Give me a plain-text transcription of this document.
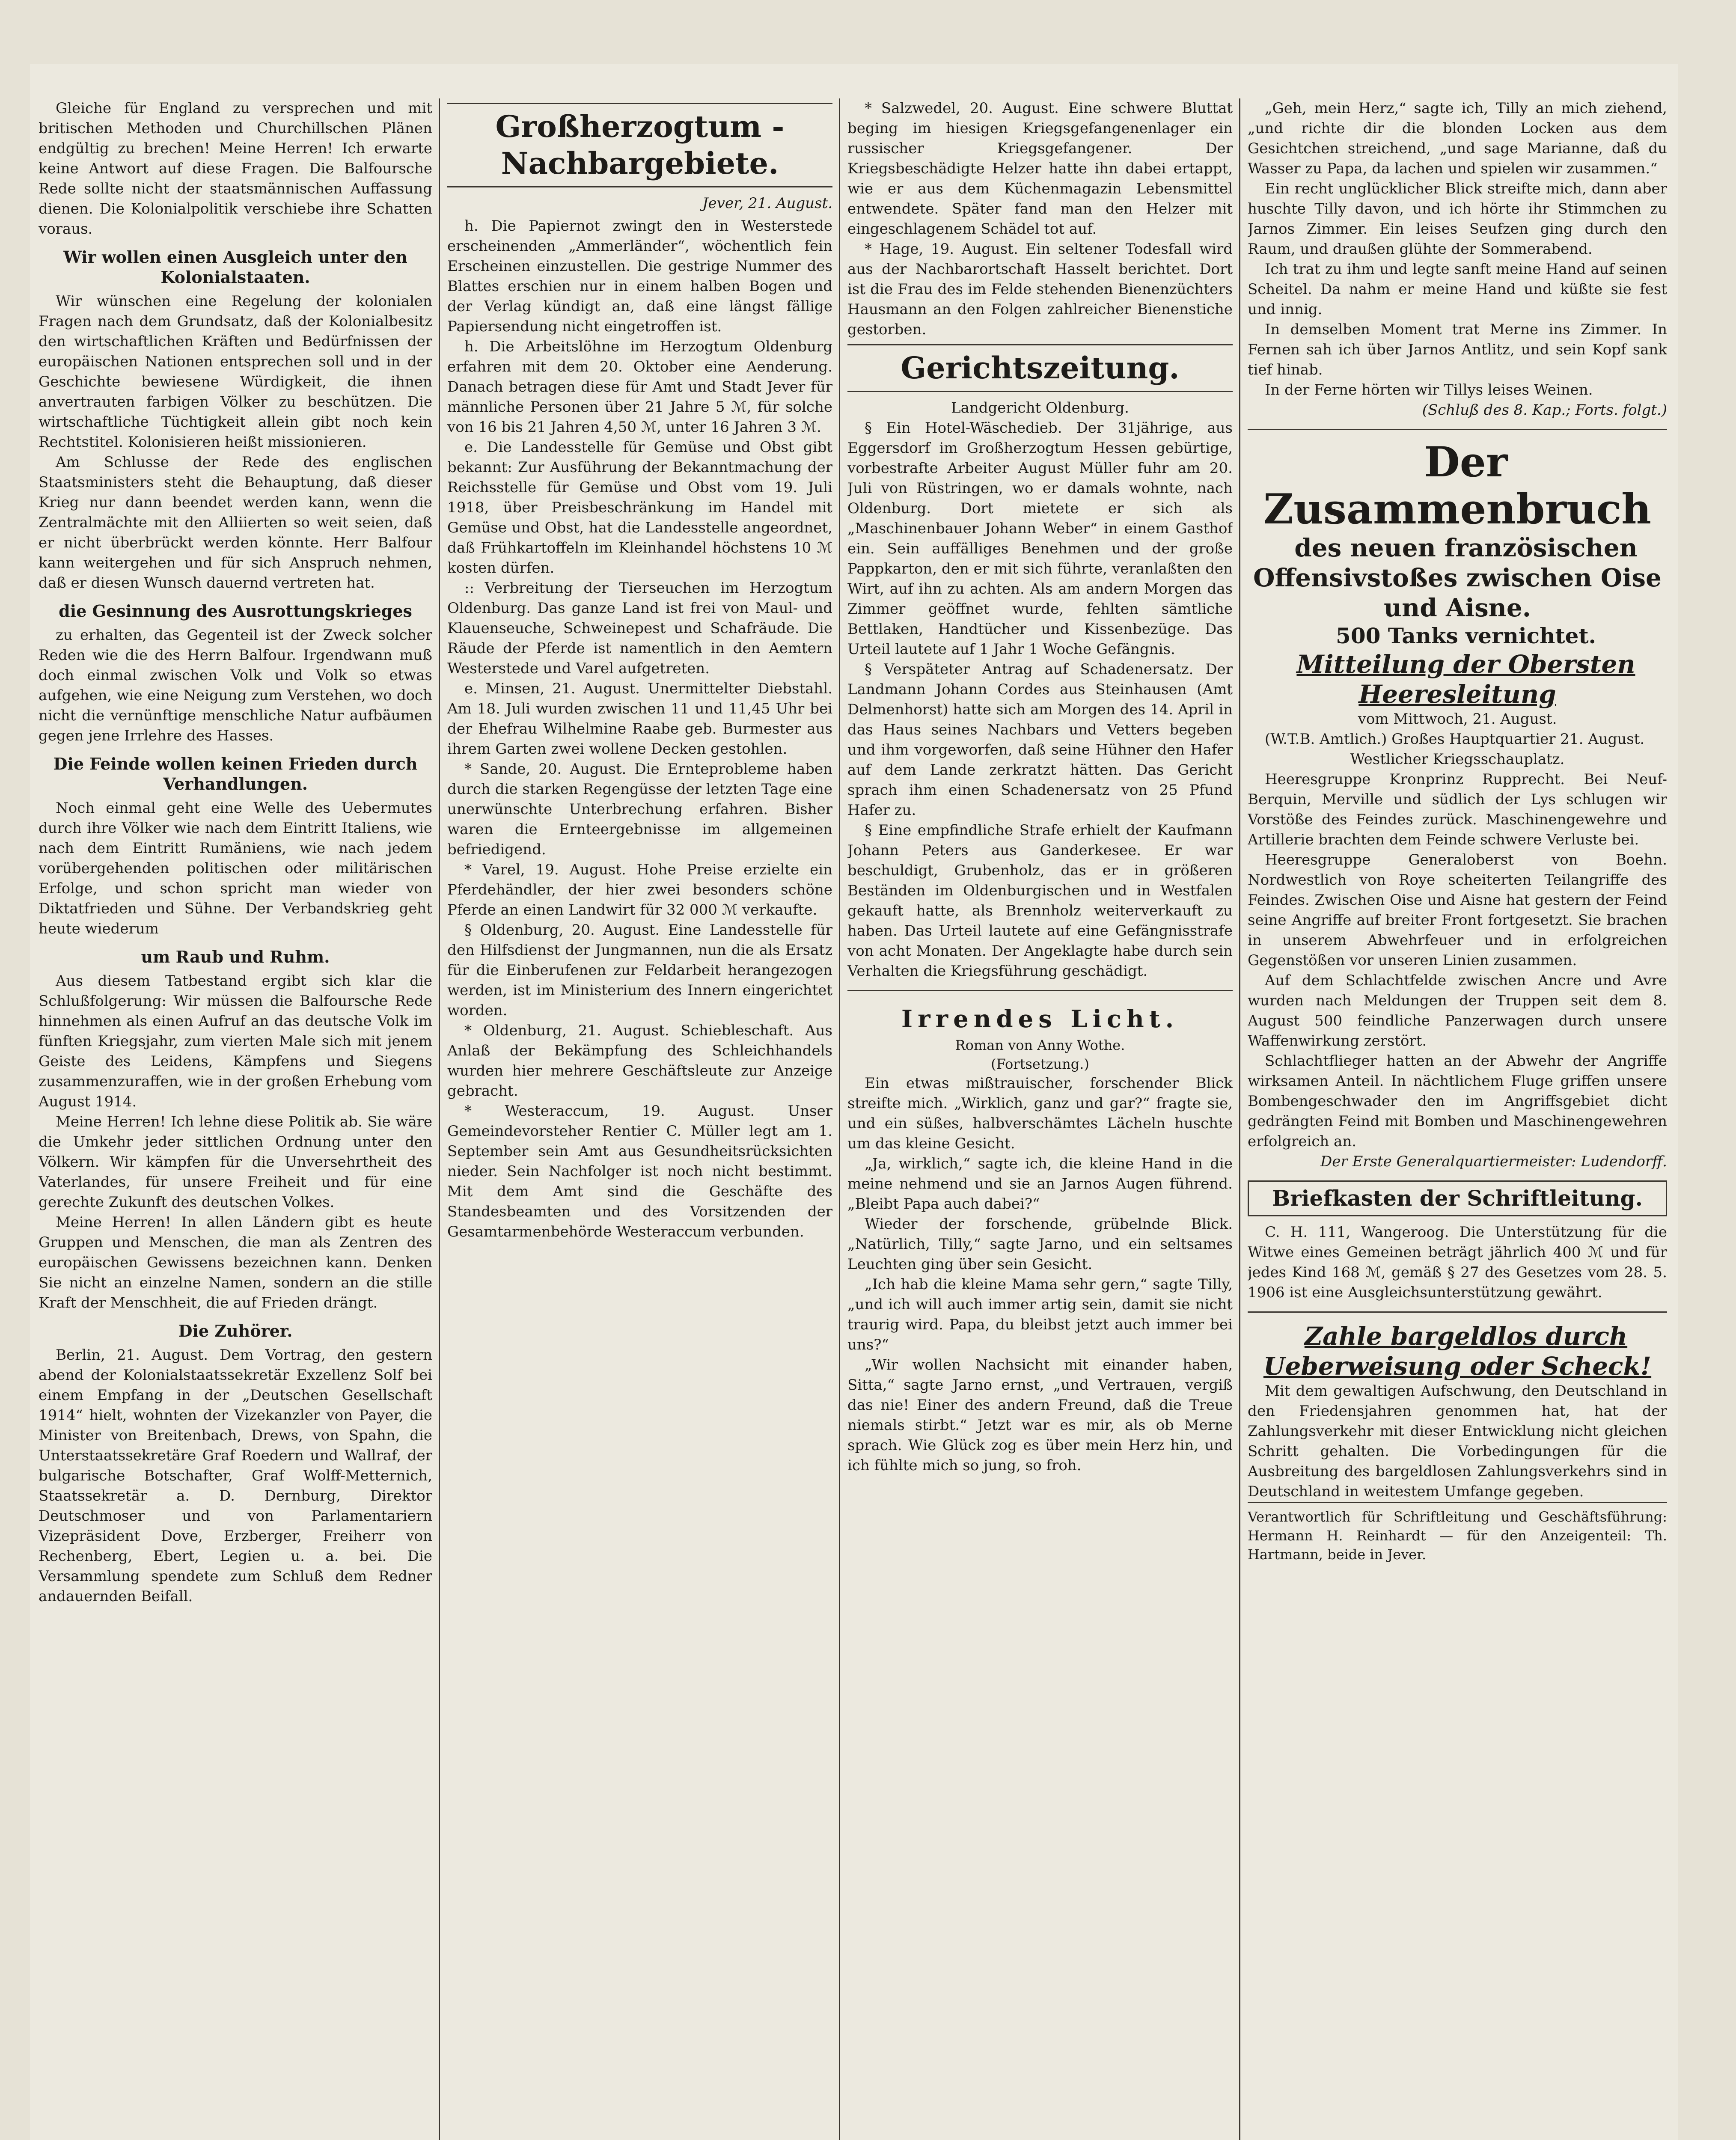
Gleiche für England zu versprechen und mit britischen Methoden und Churchillschen Plänen endgültig zu brechen! Meine Herren! Ich erwarte keine Antwort auf diese Fragen. Die Balfoursche Rede sollte nicht der staatsmännischen Auffassung dienen. Die Kolonialpolitik verschiebe ihre Schatten voraus.

Wir wollen einen Ausgleich unter den Kolonialstaaten.

Wir wünschen eine Regelung der kolonialen Fragen nach dem Grundsatz, daß der Kolonialbesitz den wirtschaftlichen Kräften und Bedürfnissen der europäischen Nationen entsprechen soll und in der Geschichte bewiesene Würdigkeit, die ihnen anvertrauten farbigen Völker zu beschützen. Die wirtschaftliche Tüchtigkeit allein gibt noch kein Rechtstitel. Kolonisieren heißt missionieren.

Am Schlusse der Rede des englischen Staatsministers steht die Behauptung, daß dieser Krieg nur dann beendet werden kann, wenn die Zentralmächte mit den Alliierten so weit seien, daß er nicht überbrückt werden könnte. Herr Balfour kann weitergehen und für sich Anspruch nehmen, daß er diesen Wunsch dauernd vertreten hat.

die Gesinnung des Ausrottungskrieges

zu erhalten, das Gegenteil ist der Zweck solcher Reden wie die des Herrn Balfour. Irgendwann muß doch einmal zwischen Volk und Volk so etwas aufgehen, wie eine Neigung zum Verstehen, wo doch nicht die vernünftige menschliche Natur aufbäumen gegen jene Irrlehre des Hasses.

Die Feinde wollen keinen Frieden durch Verhandlungen.

Noch einmal geht eine Welle des Uebermutes durch ihre Völker wie nach dem Eintritt Italiens, wie nach dem Eintritt Rumäniens, wie nach jedem vorübergehenden politischen oder militärischen Erfolge, und schon spricht man wieder von Diktatfrieden und Sühne. Der Verbandskrieg geht heute wiederum

um Raub und Ruhm.

Aus diesem Tatbestand ergibt sich klar die Schlußfolgerung: Wir müssen die Balfoursche Rede hinnehmen als einen Aufruf an das deutsche Volk im fünften Kriegsjahr, zum vierten Male sich mit jenem Geiste des Leidens, Kämpfens und Siegens zusammenzuraffen, wie in der großen Erhebung vom August 1914.

Meine Herren! Ich lehne diese Politik ab. Sie wäre die Umkehr jeder sittlichen Ordnung unter den Völkern. Wir kämpfen für die Unversehrtheit des Vaterlandes, für unsere Freiheit und für eine gerechte Zukunft des deutschen Volkes.

Meine Herren! In allen Ländern gibt es heute Gruppen und Menschen, die man als Zentren des europäischen Gewissens bezeichnen kann. Denken Sie nicht an einzelne Namen, sondern an die stille Kraft der Menschheit, die auf Frieden drängt.

Die Zuhörer.

Berlin, 21. August. Dem Vortrag, den gestern abend der Kolonialstaatssekretär Exzellenz Solf bei einem Empfang in der „Deutschen Gesellschaft 1914“ hielt, wohnten der Vizekanzler von Payer, die Minister von Breitenbach, Drews, von Spahn, die Unterstaatssekretäre Graf Roedern und Wallraf, der bulgarische Botschafter, Graf Wolff-Metternich, Staatssekretär a. D. Dernburg, Direktor Deutschmoser und von Parlamentariern Vizepräsident Dove, Erzberger, Freiherr von Rechenberg, Ebert, Legien u. a. bei. Die Versammlung spendete zum Schluß dem Redner andauernden Beifall.

Großherzogtum - Nachbargebiete.

Jever, 21. August.

h. Die Papiernot zwingt den in Westerstede erscheinenden „Ammerländer“, wöchentlich fein Erscheinen einzustellen. Die gestrige Nummer des Blattes erschien nur in einem halben Bogen und der Verlag kündigt an, daß eine längst fällige Papiersendung nicht eingetroffen ist.

h. Die Arbeitslöhne im Herzogtum Oldenburg erfahren mit dem 20. Oktober eine Aenderung. Danach betragen diese für Amt und Stadt Jever für männliche Personen über 21 Jahre 5 ℳ, für solche von 16 bis 21 Jahren 4,50 ℳ, unter 16 Jahren 3 ℳ.

e. Die Landesstelle für Gemüse und Obst gibt bekannt: Zur Ausführung der Bekanntmachung der Reichsstelle für Gemüse und Obst vom 19. Juli 1918, über Preisbeschränkung im Handel mit Gemüse und Obst, hat die Landesstelle angeordnet, daß Frühkartoffeln im Kleinhandel höchstens 10 ℳ kosten dürfen.

:: Verbreitung der Tierseuchen im Herzogtum Oldenburg. Das ganze Land ist frei von Maul- und Klauenseuche, Schweinepest und Schafräude. Die Räude der Pferde ist namentlich in den Aemtern Westerstede und Varel aufgetreten.

e. Minsen, 21. August. Unermittelter Diebstahl. Am 18. Juli wurden zwischen 11 und 11,45 Uhr bei der Ehefrau Wilhelmine Raabe geb. Burmester aus ihrem Garten zwei wollene Decken gestohlen.

* Sande, 20. August. Die Ernteprobleme haben durch die starken Regengüsse der letzten Tage eine unerwünschte Unterbrechung erfahren. Bisher waren die Ernteergebnisse im allgemeinen befriedigend.

* Varel, 19. August. Hohe Preise erzielte ein Pferdehändler, der hier zwei besonders schöne Pferde an einen Landwirt für 32 000 ℳ verkaufte.

§ Oldenburg, 20. August. Eine Landesstelle für den Hilfsdienst der Jungmannen, nun die als Ersatz für die Einberufenen zur Feldarbeit herangezogen werden, ist im Ministerium des Innern eingerichtet worden.

* Oldenburg, 21. August. Schiebleschaft. Aus Anlaß der Bekämpfung des Schleichhandels wurden hier mehrere Geschäftsleute zur Anzeige gebracht.

* Westeraccum, 19. August. Unser Gemeindevorsteher Rentier C. Müller legt am 1. September sein Amt aus Gesundheitsrücksichten nieder. Sein Nachfolger ist noch nicht bestimmt. Mit dem Amt sind die Geschäfte des Standesbeamten und des Vorsitzenden der Gesamtarmenbehörde Westeraccum verbunden.

* Salzwedel, 20. August. Eine schwere Bluttat beging im hiesigen Kriegsgefangenenlager ein russischer Kriegsgefangener. Der Kriegsbeschädigte Helzer hatte ihn dabei ertappt, wie er aus dem Küchenmagazin Lebensmittel entwendete. Später fand man den Helzer mit eingeschlagenem Schädel tot auf.

* Hage, 19. August. Ein seltener Todesfall wird aus der Nachbarortschaft Hasselt berichtet. Dort ist die Frau des im Felde stehenden Bienenzüchters Hausmann an den Folgen zahlreicher Bienenstiche gestorben.

Gerichtszeitung.

Landgericht Oldenburg.

§ Ein Hotel-Wäschedieb. Der 31jährige, aus Eggersdorf im Großherzogtum Hessen gebürtige, vorbestrafte Arbeiter August Müller fuhr am 20. Juli von Rüstringen, wo er damals wohnte, nach Oldenburg. Dort mietete er sich als „Maschinenbauer Johann Weber“ in einem Gasthof ein. Sein auffälliges Benehmen und der große Pappkarton, den er mit sich führte, veranlaßten den Wirt, auf ihn zu achten. Als am andern Morgen das Zimmer geöffnet wurde, fehlten sämtliche Bettlaken, Handtücher und Kissenbezüge. Das Urteil lautete auf 1 Jahr 1 Woche Gefängnis.

§ Verspäteter Antrag auf Schadenersatz. Der Landmann Johann Cordes aus Steinhausen (Amt Delmenhorst) hatte sich am Morgen des 14. April in das Haus seines Nachbars und Vetters begeben und ihm vorgeworfen, daß seine Hühner den Hafer auf dem Lande zerkratzt hätten. Das Gericht sprach ihm einen Schadenersatz von 25 Pfund Hafer zu.

§ Eine empfindliche Strafe erhielt der Kaufmann Johann Peters aus Ganderkesee. Er war beschuldigt, Grubenholz, das er in größeren Beständen im Oldenburgischen und in Westfalen gekauft hatte, als Brennholz weiterverkauft zu haben. Das Urteil lautete auf eine Gefängnisstrafe von acht Monaten. Der Angeklagte habe durch sein Verhalten die Kriegsführung geschädigt.

Irrendes Licht.

Roman von Anny Wothe.

(Fortsetzung.)

Ein etwas mißtrauischer, forschender Blick streifte mich. „Wirklich, ganz und gar?“ fragte sie, und ein süßes, halbverschämtes Lächeln huschte um das kleine Gesicht.

„Ja, wirklich,“ sagte ich, die kleine Hand in die meine nehmend und sie an Jarnos Augen führend. „Bleibt Papa auch dabei?“

Wieder der forschende, grübelnde Blick. „Natürlich, Tilly,“ sagte Jarno, und ein seltsames Leuchten ging über sein Gesicht.

„Ich hab die kleine Mama sehr gern,“ sagte Tilly, „und ich will auch immer artig sein, damit sie nicht traurig wird. Papa, du bleibst jetzt auch immer bei uns?“

„Wir wollen Nachsicht mit einander haben, Sitta,“ sagte Jarno ernst, „und Vertrauen, vergiß das nie! Einer des andern Freund, daß die Treue niemals stirbt.“ Jetzt war es mir, als ob Merne sprach. Wie Glück zog es über mein Herz hin, und ich fühlte mich so jung, so froh.

„Geh, mein Herz,“ sagte ich, Tilly an mich ziehend, „und richte dir die blonden Locken aus dem Gesichtchen streichend, „und sage Marianne, daß du Wasser zu Papa, da lachen und spielen wir zusammen.“

Ein recht unglücklicher Blick streifte mich, dann aber huschte Tilly davon, und ich hörte ihr Stimmchen zu Jarnos Zimmer. Ein leises Seufzen ging durch den Raum, und draußen glühte der Sommerabend.

Ich trat zu ihm und legte sanft meine Hand auf seinen Scheitel. Da nahm er meine Hand und küßte sie fest und innig.

In demselben Moment trat Merne ins Zimmer. In Fernen sah ich über Jarnos Antlitz, und sein Kopf sank tief hinab.

In der Ferne hörten wir Tillys leises Weinen.

(Schluß des 8. Kap.; Forts. folgt.)

Der Zusammenbruch

des neuen französischen Offensivstoßes zwischen Oise und Aisne.

500 Tanks vernichtet.

Mitteilung der Obersten Heeresleitung

vom Mittwoch, 21. August.

(W.T.B. Amtlich.) Großes Hauptquartier 21. August.

Westlicher Kriegsschauplatz.

Heeresgruppe Kronprinz Rupprecht. Bei Neuf-Berquin, Merville und südlich der Lys schlugen wir Vorstöße des Feindes zurück. Maschinengewehre und Artillerie brachten dem Feinde schwere Verluste bei.

Heeresgruppe Generaloberst von Boehn. Nordwestlich von Roye scheiterten Teilangriffe des Feindes. Zwischen Oise und Aisne hat gestern der Feind seine Angriffe auf breiter Front fortgesetzt. Sie brachen in unserem Abwehrfeuer und in erfolgreichen Gegenstößen vor unseren Linien zusammen.

Auf dem Schlachtfelde zwischen Ancre und Avre wurden nach Meldungen der Truppen seit dem 8. August 500 feindliche Panzerwagen durch unsere Waffenwirkung zerstört.

Schlachtflieger hatten an der Abwehr der Angriffe wirksamen Anteil. In nächtlichem Fluge griffen unsere Bombengeschwader den im Angriffsgebiet dicht gedrängten Feind mit Bomben und Maschinengewehren erfolgreich an.

Der Erste Generalquartiermeister: Ludendorff.

Briefkasten der Schriftleitung.

C. H. 111, Wangeroog. Die Unterstützung für die Witwe eines Gemeinen beträgt jährlich 400 ℳ und für jedes Kind 168 ℳ, gemäß § 27 des Gesetzes vom 28. 5. 1906 ist eine Ausgleichsunterstützung gewährt.

Zahle bargeldlos durch Ueberweisung oder Scheck!

Mit dem gewaltigen Aufschwung, den Deutschland in den Friedensjahren genommen hat, hat der Zahlungsverkehr mit dieser Entwicklung nicht gleichen Schritt gehalten. Die Vorbedingungen für die Ausbreitung des bargeldlosen Zahlungsverkehrs sind in Deutschland in weitestem Umfange gegeben.

Verantwortlich für Schriftleitung und Geschäftsführung: Hermann H. Reinhardt — für den Anzeigenteil: Th. Hartmann, beide in Jever.
